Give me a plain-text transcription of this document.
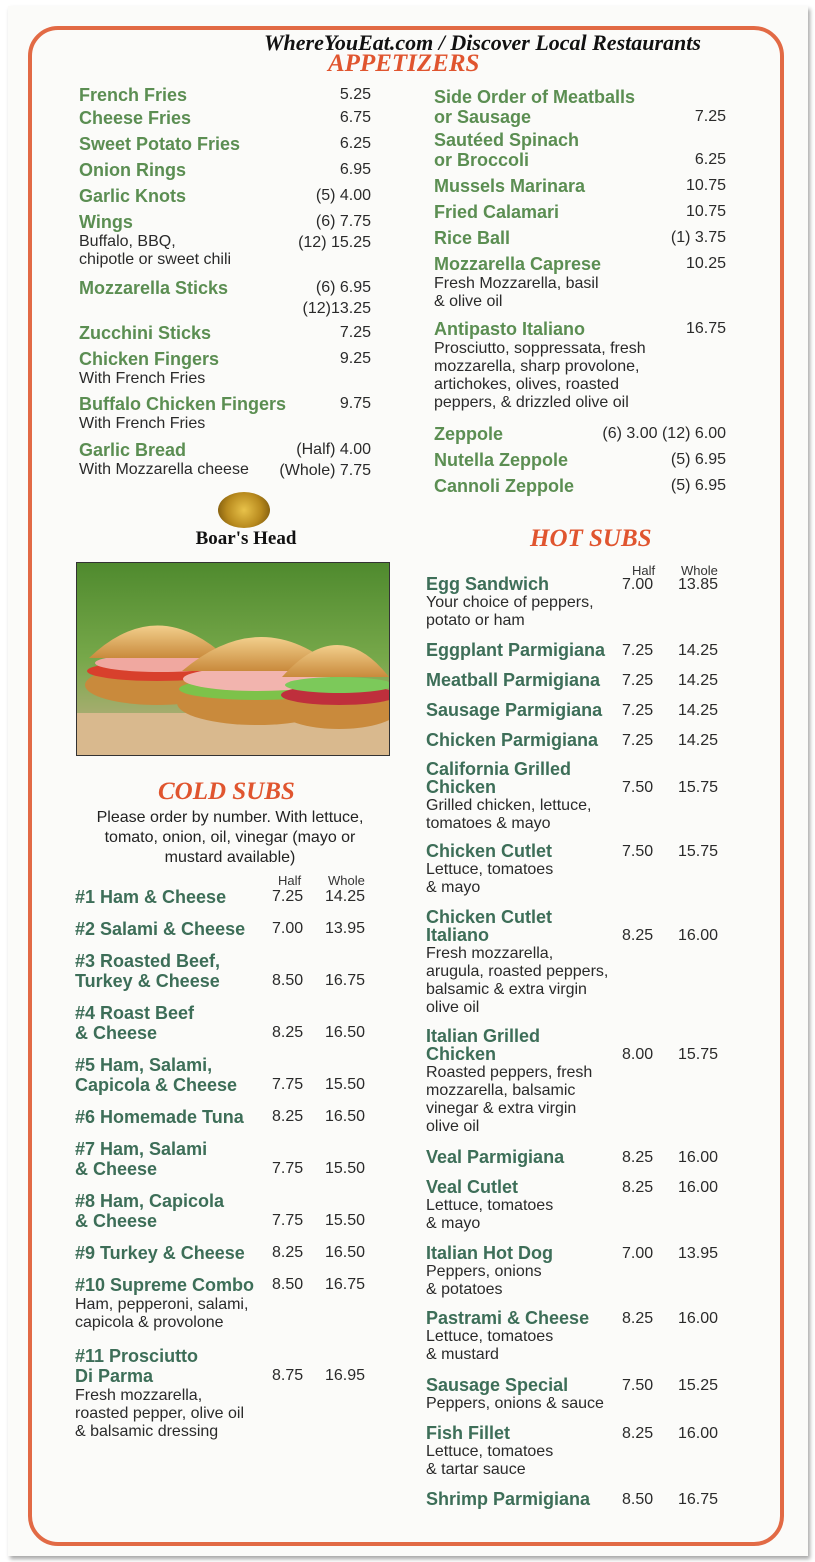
WhereYouEat.com / Discover Local Restaurants
APPETIZERS
French Fries	5.25
Cheese Fries	6.75
Sweet Potato Fries	6.25
Onion Rings	6.95
Garlic Knots	(5) 4.00
Wings	(6) 7.75
Buffalo, BBQ,
chipotle or sweet chili
(12) 15.25
Mozzarella Sticks	(6) 6.95
(12)13.25
Zucchini Sticks	7.25
Chicken Fingers	9.25
With French Fries
Buffalo Chicken Fingers	9.75
With French Fries
Garlic Bread	(Half) 4.00
With Mozzarella cheese (Whole) 7.75
Side Order of Meatballs
or Sausage	7.25
Sautéed Spinach
or Broccoli	6.25
Mussels Marinara	10.75
Fried Calamari	10.75
Rice Ball	(1) 3.75
Mozzarella Caprese	10.25
Fresh Mozzarella, basil
& olive oil
Antipasto Italiano	16.75
Prosciutto, soppressata, fresh
mozzarella, sharp provolone,
artichokes, olives, roasted
peppers, & drizzled olive oil
Zeppole	(6) 3.00 (12) 6.00
Nutella Zeppole	(5) 6.95
Cannoli Zeppole	(5) 6.95
Boar's Head
COLD SUBS
Please order by number. With lettuce, tomato, onion, oil, vinegar (mayo or mustard available)
Half Whole
#1 Ham & Cheese	7.25 14.25
#2 Salami & Cheese 7.00 13.95
#3 Roasted Beef,
Turkey & Cheese	8.50 16.75
#4 Roast Beef
& Cheese	8.25 16.50
#5 Ham, Salami,
Capicola & Cheese 7.75 15.50
#6 Homemade Tuna 8.25 16.50
#7 Ham, Salami
& Cheese	7.75 15.50
#8 Ham, Capicola
& Cheese	7.75 15.50
#9 Turkey & Cheese 8.25 16.50
#10 Supreme Combo 8.50 16.75
Ham, pepperoni, salami,
capicola & provolone
#11 Prosciutto
Di Parma	8.75 16.95
Fresh mozzarella,
roasted pepper, olive oil
& balsamic dressing
HOT SUBS
Half Whole
Egg Sandwich	7.00 13.85
Your choice of peppers,
potato or ham
Eggplant Parmigiana 7.25 14.25
Meatball Parmigiana 7.25 14.25
Sausage Parmigiana 7.25 14.25
Chicken Parmigiana 7.25 14.25
California Grilled
Chicken	7.50 15.75
Grilled chicken, lettuce,
tomatoes & mayo
Chicken Cutlet	7.50 15.75
Lettuce, tomatoes
& mayo
Chicken Cutlet
Italiano	8.25 16.00
Fresh mozzarella,
arugula, roasted peppers,
balsamic & extra virgin
olive oil
Italian Grilled
Chicken	8.00 15.75
Roasted peppers, fresh
mozzarella, balsamic
vinegar & extra virgin
olive oil
Veal Parmigiana	8.25 16.00
Veal Cutlet	8.25 16.00
Lettuce, tomatoes
& mayo
Italian Hot Dog	7.00 13.95
Peppers, onions
& potatoes
Pastrami & Cheese 8.25 16.00
Lettuce, tomatoes
& mustard
Sausage Special	7.50 15.25
Peppers, onions & sauce
Fish Fillet	8.25 16.00
Lettuce, tomatoes
& tartar sauce
Shrimp Parmigiana 8.50 16.75
